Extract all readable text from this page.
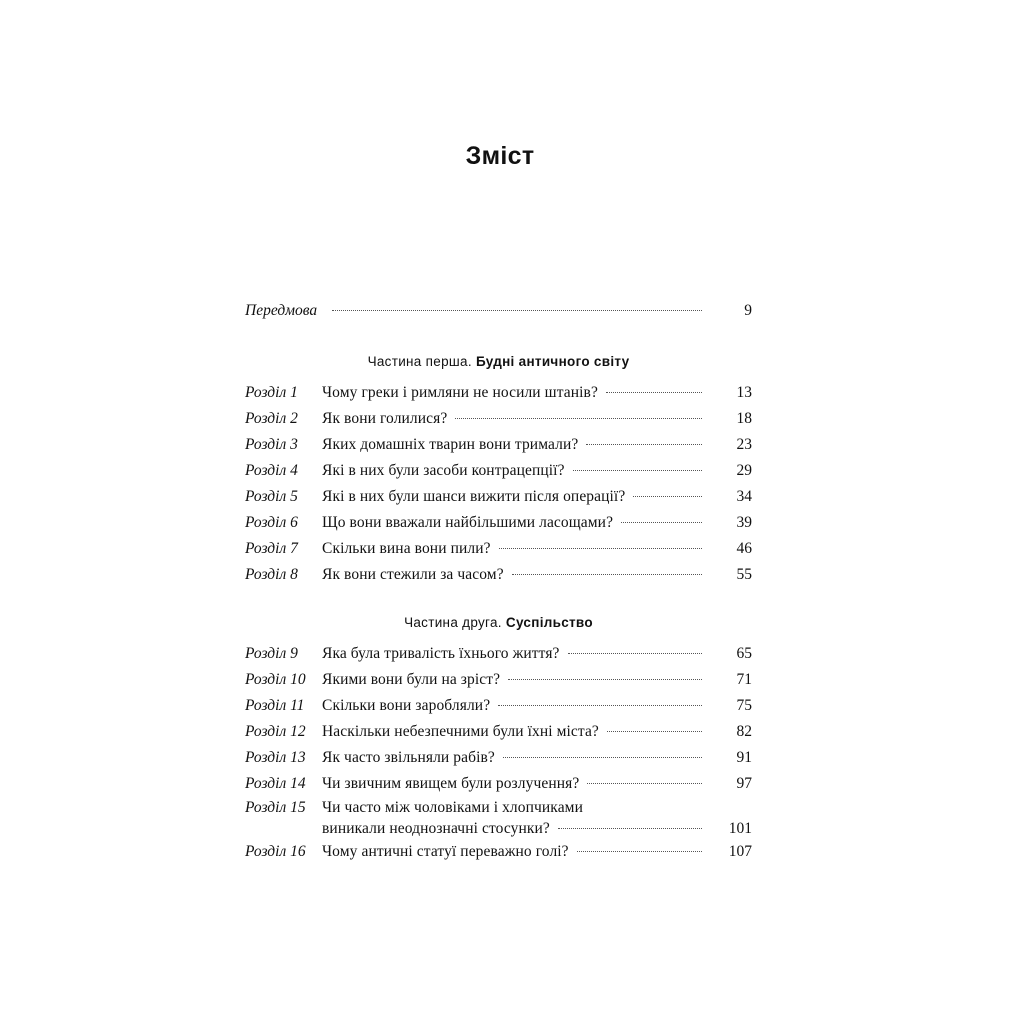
Зміст
Передмова	9
Частина перша. Будні античного світу
Розділ 1	Чому греки і римляни не носили штанів?	13
Розділ 2	Як вони голилися?	18
Розділ 3	Яких домашніх тварин вони тримали?	23
Розділ 4	Які в них були засоби контрацепції?	29
Розділ 5	Які в них були шанси вижити після операції?	34
Розділ 6	Що вони вважали найбільшими ласощами?	39
Розділ 7	Скільки вина вони пили?	46
Розділ 8	Як вони стежили за часом?	55
Частина друга. Суспільство
Розділ 9	Яка була тривалість їхнього життя?	65
Розділ 10	Якими вони були на зріст?	71
Розділ 11	Скільки вони заробляли?	75
Розділ 12	Наскільки небезпечними були їхні міста?	82
Розділ 13	Як часто звільняли рабів?	91
Розділ 14	Чи звичним явищем були розлучення?	97
Розділ 15	Чи часто між чоловіками і хлопчиками
виникали неоднозначні стосунки?	101
Розділ 16	Чому античні статуї переважно голі?	107
